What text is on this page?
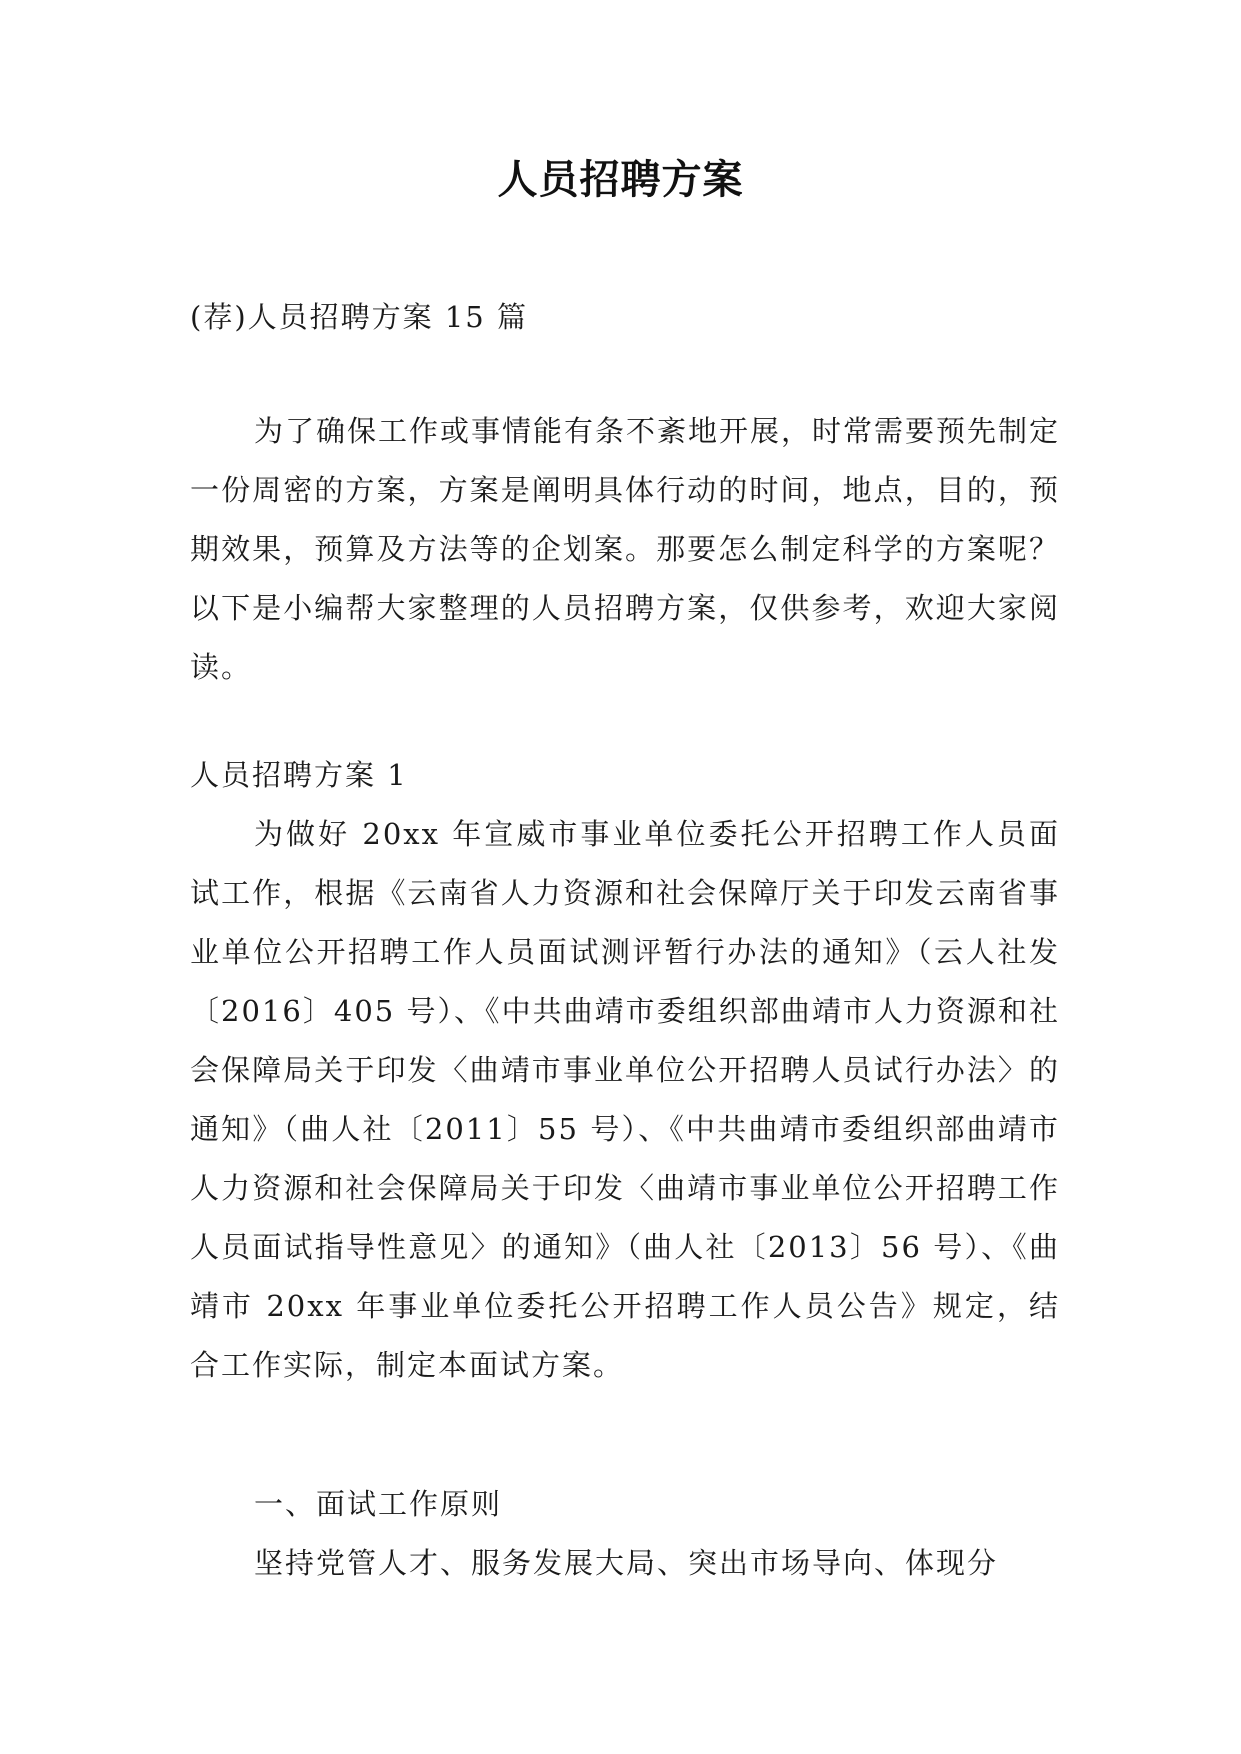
人员招聘方案
(荐)人员招聘方案 15 篇
为了确保工作或事情能有条不紊地开展，时常需要预先制定一份周密的方案，方案是阐明具体行动的时间，地点，目的，预期效果，预算及方法等的企划案。那要怎么制定科学的方案呢？以下是小编帮大家整理的人员招聘方案，仅供参考，欢迎大家阅读。
人员招聘方案 1
为做好 20xx 年宣威市事业单位委托公开招聘工作人员面试工作，根据《云南省人力资源和社会保障厅关于印发云南省事业单位公开招聘工作人员面试测评暂行办法的通知》（云人社发〔2016〕405 号）、《中共曲靖市委组织部曲靖市人力资源和社会保障局关于印发〈曲靖市事业单位公开招聘人员试行办法〉的通知》（曲人社〔2011〕55 号）、《中共曲靖市委组织部曲靖市人力资源和社会保障局关于印发〈曲靖市事业单位公开招聘工作人员面试指导性意见〉的通知》（曲人社〔2013〕56 号）、《曲靖市 20xx 年事业单位委托公开招聘工作人员公告》规定，结合工作实际，制定本面试方案。
一、面试工作原则
坚持党管人才、服务发展大局、突出市场导向、体现分
